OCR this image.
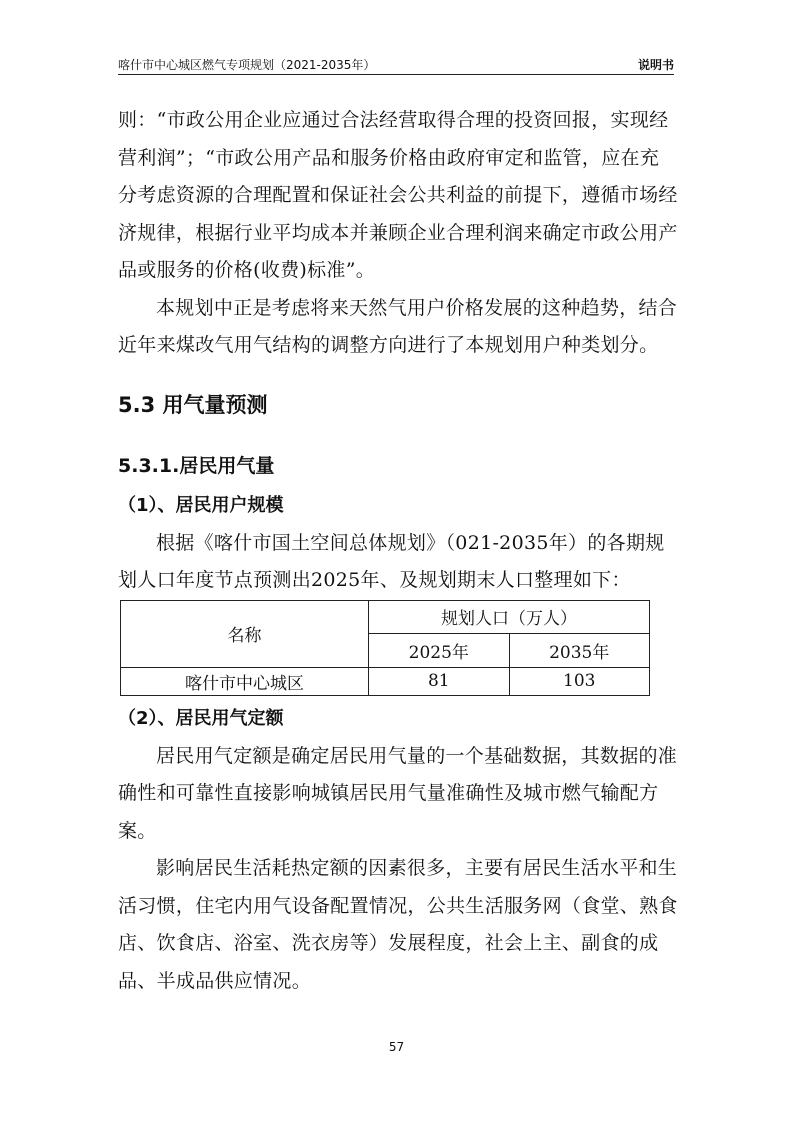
喀什市中心城区燃气专项规划（2021-2035年）	说明书

则：“市政公用企业应通过合法经营取得合理的投资回报，实现经营利润”；“市政公用产品和服务价格由政府审定和监管，应在充分考虑资源的合理配置和保证社会公共利益的前提下，遵循市场经济规律，根据行业平均成本并兼顾企业合理利润来确定市政公用产品或服务的价格(收费)标准”。

本规划中正是考虑将来天然气用户价格发展的这种趋势，结合近年来煤改气用气结构的调整方向进行了本规划用户种类划分。

5.3 用气量预测
5.3.1.居民用气量
（1）、居民用户规模

根据《喀什市国土空间总体规划》（021-2035年）的各期规划人口年度节点预测出2025年、及规划期末人口整理如下：

名称	规划人口（万人）	
	2025年	2035年
喀什市中心城区	81	103
（2）、居民用气定额

居民用气定额是确定居民用气量的一个基础数据，其数据的准确性和可靠性直接影响城镇居民用气量准确性及城市燃气输配方案。

影响居民生活耗热定额的因素很多，主要有居民生活水平和生活习惯，住宅内用气设备配置情况，公共生活服务网（食堂、熟食店、饮食店、浴室、洗衣房等）发展程度，社会上主、副食的成品、半成品供应情况。

57
